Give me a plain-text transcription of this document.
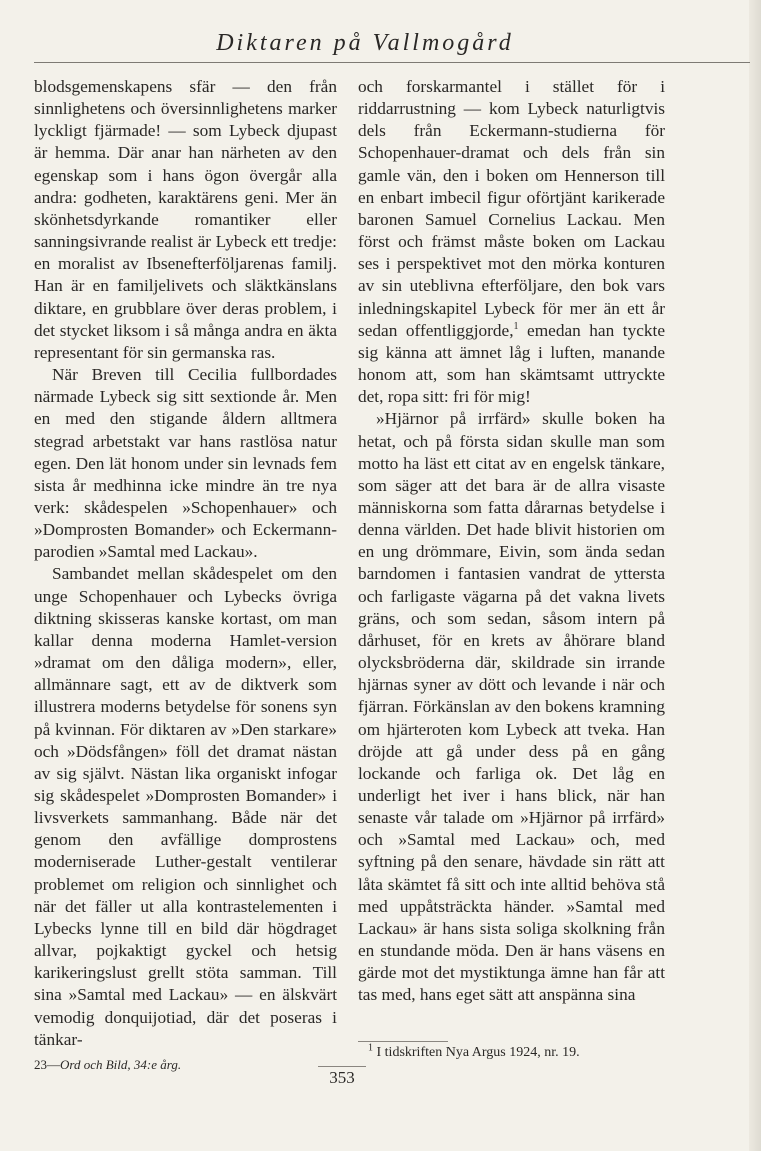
Diktaren på Vallmogård

blodsgemenskapens sfär — den från sinnlighetens och översinnlighetens marker lyckligt fjärmade! — som Lybeck djupast är hemma. Där anar han närheten av den egenskap som i hans ögon övergår alla andra: godheten, karaktärens geni. Mer än skönhetsdyrkande romantiker eller sanningsivrande realist är Lybeck ett tredje: en moralist av Ibsenefterföljarenas familj. Han är en familjelivets och släktkänslans diktare, en grubblare över deras problem, i det stycket liksom i så många andra en äkta representant för sin germanska ras.

När Breven till Cecilia fullbordades närmade Lybeck sig sitt sextionde år. Men en med den stigande åldern alltmera stegrad arbetstakt var hans rastlösa natur egen. Den lät honom under sin levnads fem sista år medhinna icke mindre än tre nya verk: skådespelen »Schopenhauer» och »Domprosten Bomander» och Eckermann-parodien »Samtal med Lackau».

Sambandet mellan skådespelet om den unge Schopenhauer och Lybecks övriga diktning skisseras kanske kortast, om man kallar denna moderna Hamlet-version »dramat om den dåliga modern», eller, allmännare sagt, ett av de diktverk som illustrera moderns betydelse för sonens syn på kvinnan. För diktaren av »Den starkare» och »Dödsfången» föll det dramat nästan av sig självt. Nästan lika organiskt infogar sig skådespelet »Domprosten Bomander» i livsverkets sammanhang. Både när det genom den avfällige domprostens moderniserade Luther-gestalt ventilerar problemet om religion och sinnlighet och när det fäller ut alla kontrastelementen i Lybecks lynne till en bild där högdraget allvar, pojkaktigt gyckel och hetsig karikeringslust grellt stöta samman. Till sina »Samtal med Lackau» — en älskvärt vemodig donquijotiad, där det poseras i tänkar-

och forskarmantel i stället för i riddarrustning — kom Lybeck naturligtvis dels från Eckermann-studierna för Schopenhauer-dramat och dels från sin gamle vän, den i boken om Hennerson till en enbart imbecil figur oförtjänt karikerade baronen Samuel Cornelius Lackau. Men först och främst måste boken om Lackau ses i perspektivet mot den mörka konturen av sin uteblivna efterföljare, den bok vars inledningskapitel Lybeck för mer än ett år sedan offentliggjorde,$^1$ emedan han tyckte sig känna att ämnet låg i luften, manande honom att, som han skämtsamt uttryckte det, ropa sitt: fri för mig!

»Hjärnor på irrfärd» skulle boken ha hetat, och på första sidan skulle man som motto ha läst ett citat av en engelsk tänkare, som säger att det bara är de allra visaste människorna som fatta dårarnas betydelse i denna världen. Det hade blivit historien om en ung drömmare, Eivin, som ända sedan barndomen i fantasien vandrat de yttersta och farligaste vägarna på det vakna livets gräns, och som sedan, såsom intern på dårhuset, för en krets av åhörare bland olycksbröderna där, skildrade sin irrande hjärnas syner av dött och levande i när och fjärran. Förkänslan av den bokens kramning om hjärteroten kom Lybeck att tveka. Han dröjde att gå under dess på en gång lockande och farliga ok. Det låg en underligt het iver i hans blick, när han senaste vår talade om »Hjärnor på irrfärd» och »Samtal med Lackau» och, med syftning på den senare, hävdade sin rätt att låta skämtet få sitt och inte alltid behöva stå med uppåtsträckta händer. »Samtal med Lackau» är hans sista soliga skolkning från en stundande möda. Den är hans väsens en gärde mot det mystiktunga ämne han får att tas med, hans eget sätt att anspänna sina

$^1$ I tidskriften Nya Argus 1924, nr. 19.
23—Ord och Bild, 34:e årg.
353
